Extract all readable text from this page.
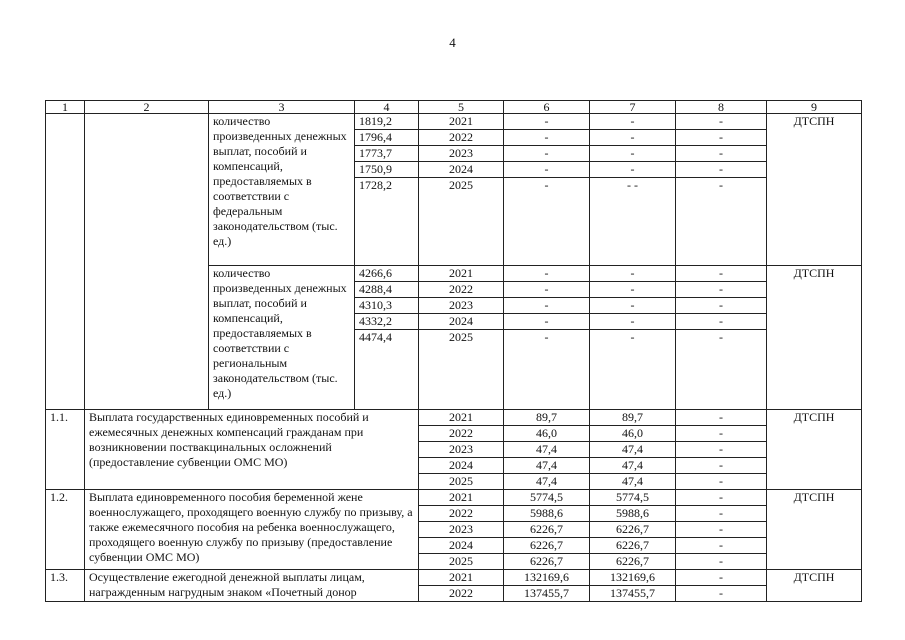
4
1	2	3	4	5	6	7	8	9
		количество произведенных денежных выплат, пособий и компенсаций, предоставляемых в соответствии с федеральным законодательством (тыс. ед.)	1819,2	2021	-	-	-	ДТСПН
			1796,4	2022	-	-	-	
			1773,7	2023	-	-	-	
			1750,9	2024	-	-	-	
			1728,2	2025	-	- -	-	
		количество произведенных денежных выплат, пособий и компенсаций, предоставляемых в соответствии с региональным законодательством (тыс. ед.)	4266,6	2021	-	-	-	ДТСПН
			4288,4	2022	-	-	-	
			4310,3	2023	-	-	-	
			4332,2	2024	-	-	-	
			4474,4	2025	-	-	-	
1.1.	Выплата государственных единовременных пособий и ежемесячных денежных компенсаций гражданам при возникновении поствакцинальных осложнений (предоставление субвенции ОМС МО)			2021	89,7	89,7	-	ДТСПН
				2022	46,0	46,0	-	
				2023	47,4	47,4	-	
				2024	47,4	47,4	-	
				2025	47,4	47,4	-	
1.2.	Выплата единовременного пособия беременной жене военнослужащего, проходящего военную службу по призыву, а также ежемесячного пособия на ребенка военнослужащего, проходящего военную службу по призыву (предоставление субвенции ОМС МО)			2021	5774,5	5774,5	-	ДТСПН
				2022	5988,6	5988,6	-	
				2023	6226,7	6226,7	-	
				2024	6226,7	6226,7	-	
				2025	6226,7	6226,7	-	
1.3.	Осуществление ежегодной денежной выплаты лицам, награжденным нагрудным знаком «Почетный донор			2021	132169,6	132169,6	-	ДТСПН
				2022	137455,7	137455,7	-	
